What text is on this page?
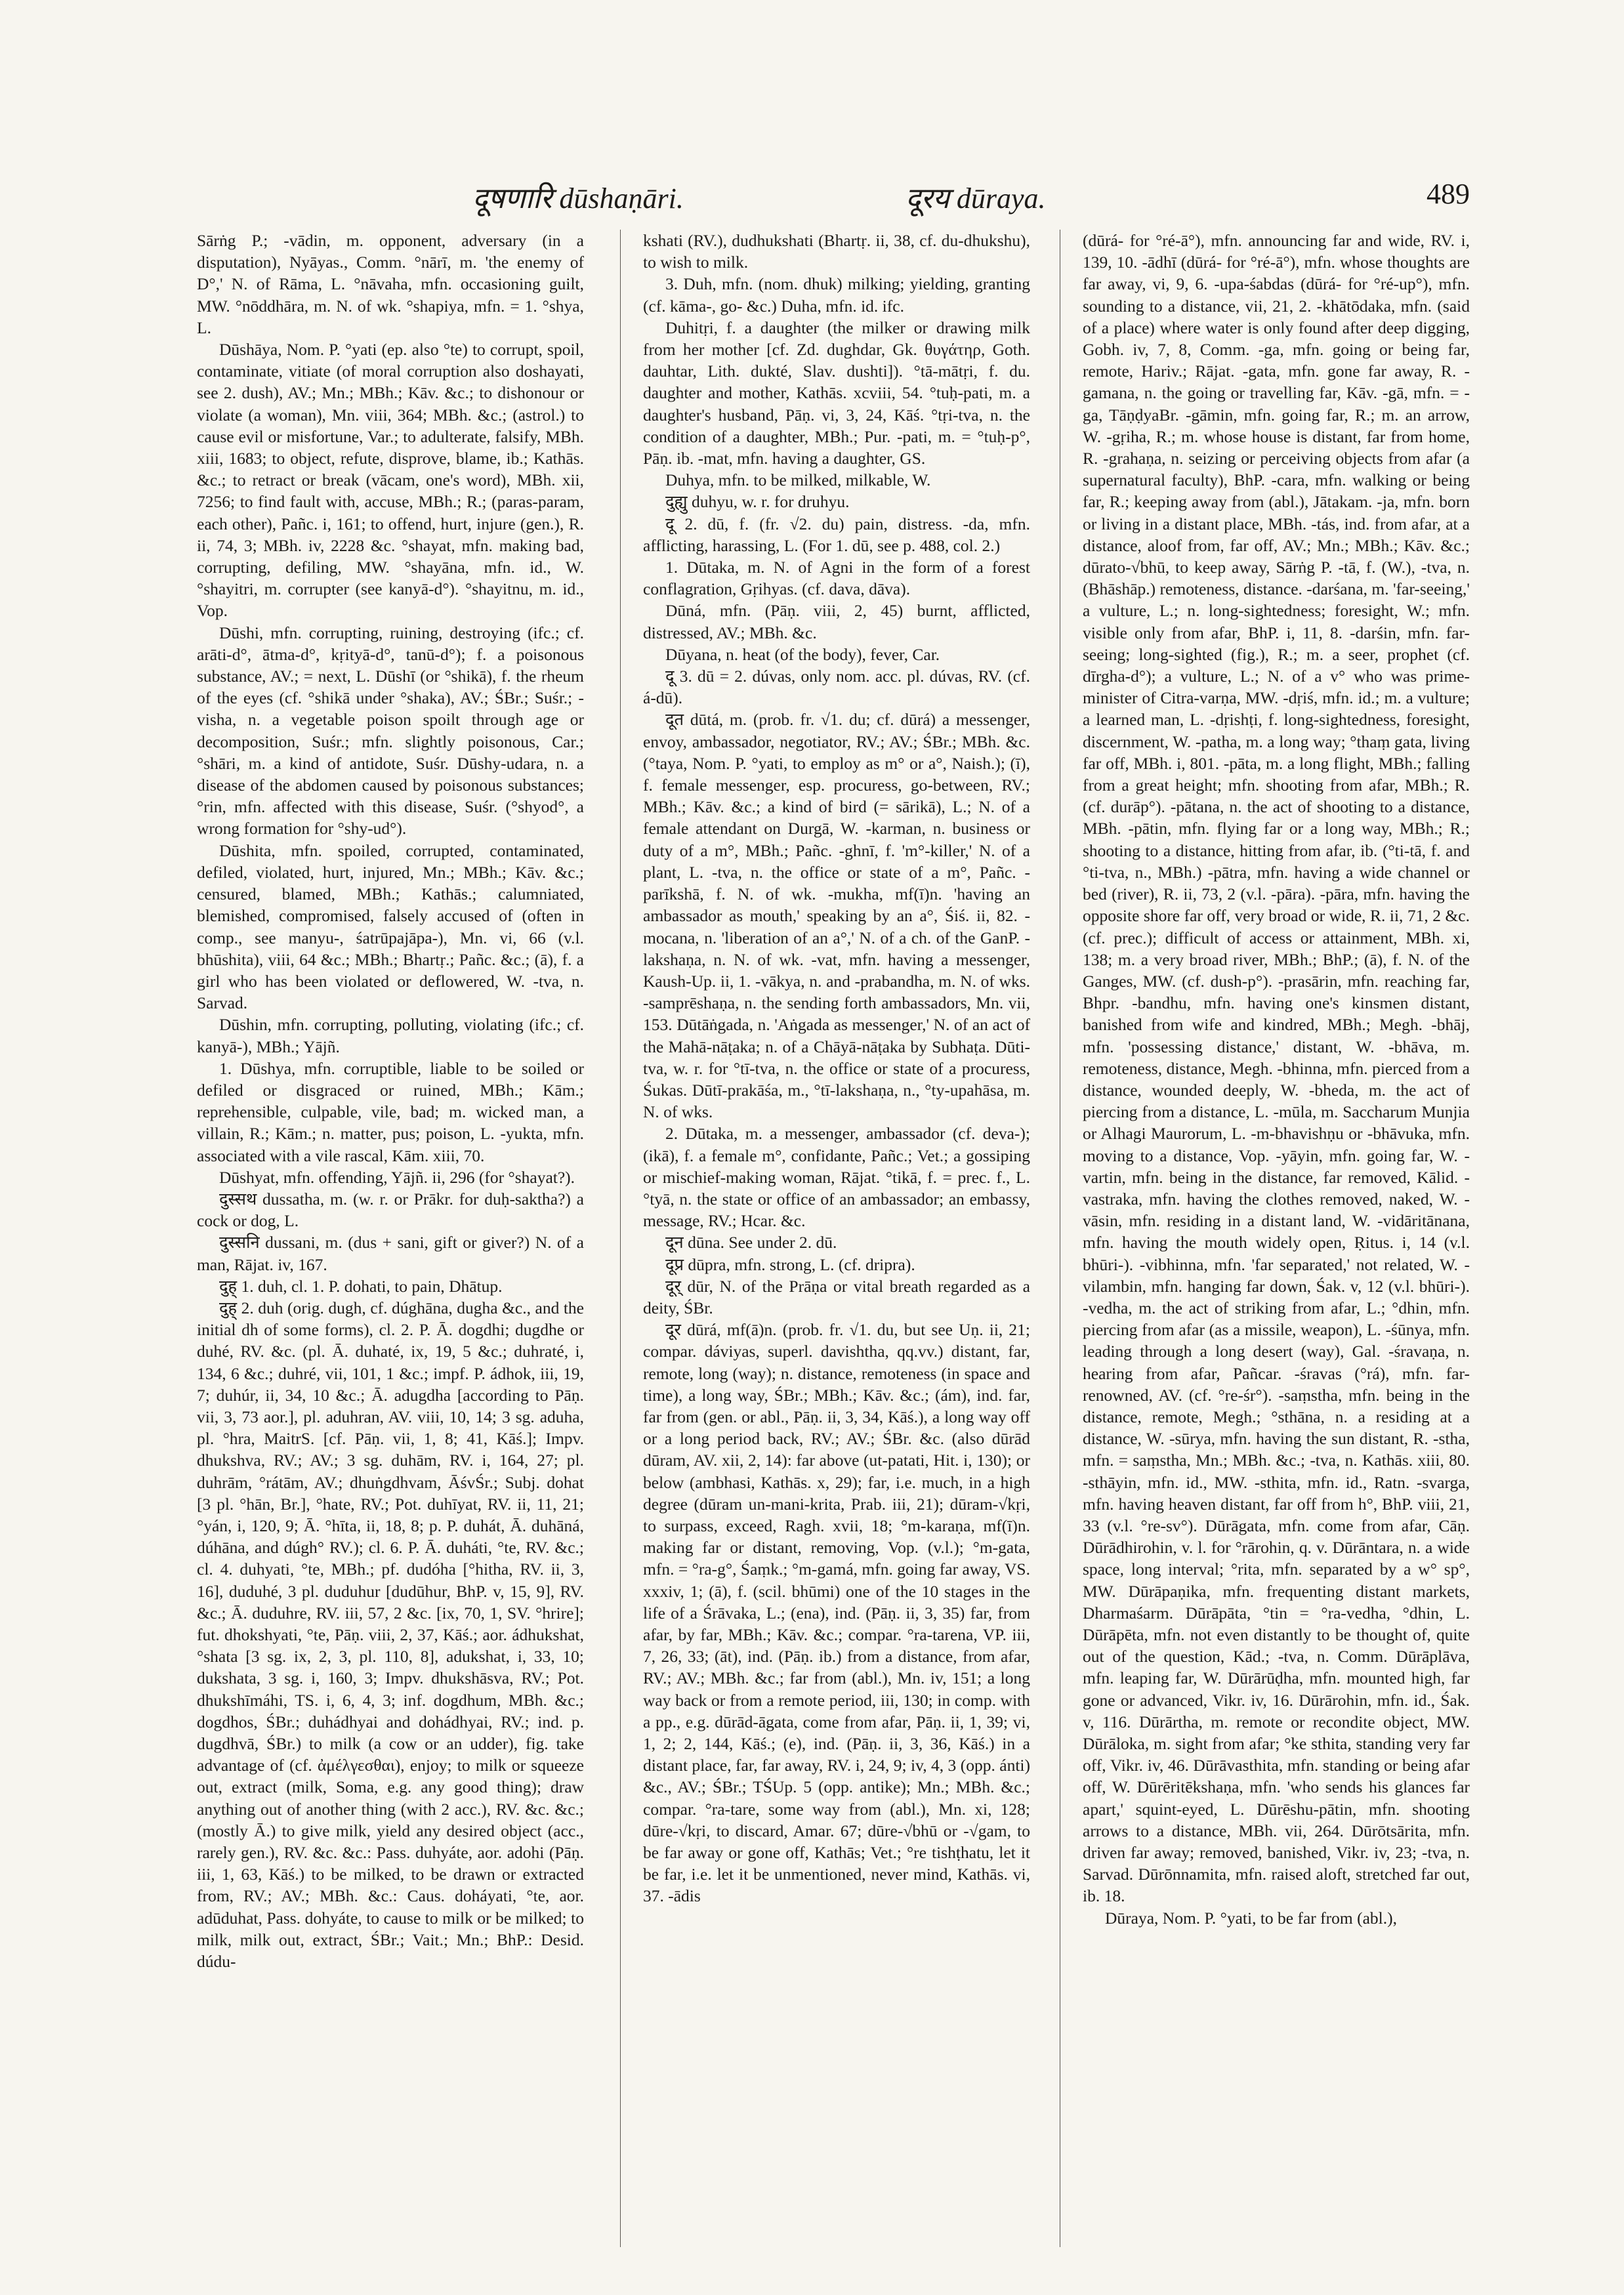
दूषणारि dūshaṇāri.	दूरय dūraya.	489

Sārṅg P.; -vādin, m. opponent, adversary (in a disputation), Nyāyas., Comm. °nārī, m. 'the enemy of D°,' N. of Rāma, L. °nāvaha, mfn. occasioning guilt, MW. °nōddhāra, m. N. of wk. °shapiya, mfn. = 1. °shya, L.

Dūshāya, Nom. P. °yati (ep. also °te) to corrupt, spoil, contaminate, vitiate (of moral corruption also doshayati, see 2. dush), AV.; Mn.; MBh.; Kāv. &c.; to dishonour or violate (a woman), Mn. viii, 364; MBh. &c.; (astrol.) to cause evil or misfortune, Var.; to adulterate, falsify, MBh. xiii, 1683; to object, refute, disprove, blame, ib.; Kathās. &c.; to retract or break (vācam, one's word), MBh. xii, 7256; to find fault with, accuse, MBh.; R.; (paras-param, each other), Pañc. i, 161; to offend, hurt, injure (gen.), R. ii, 74, 3; MBh. iv, 2228 &c. °shayat, mfn. making bad, corrupting, defiling, MW. °shayāna, mfn. id., W. °shayitri, m. corrupter (see kanyā-d°). °shayitnu, m. id., Vop.

Dūshi, mfn. corrupting, ruining, destroying (ifc.; cf. arāti-d°, ātma-d°, kṛityā-d°, tanū-d°); f. a poisonous substance, AV.; = next, L. Dūshī (or °shikā), f. the rheum of the eyes (cf. °shikā under °shaka), AV.; ŚBr.; Suśr.; -visha, n. a vegetable poison spoilt through age or decomposition, Suśr.; mfn. slightly poisonous, Car.; °shāri, m. a kind of antidote, Suśr. Dūshy-udara, n. a disease of the abdomen caused by poisonous substances; °rin, mfn. affected with this disease, Suśr. (°shyod°, a wrong formation for °shy-ud°).

Dūshita, mfn. spoiled, corrupted, contaminated, defiled, violated, hurt, injured, Mn.; MBh.; Kāv. &c.; censured, blamed, MBh.; Kathās.; calumniated, blemished, compromised, falsely accused of (often in comp., see manyu-, śatrūpajāpa-), Mn. vi, 66 (v.l. bhūshita), viii, 64 &c.; MBh.; Bhartṛ.; Pañc. &c.; (ā), f. a girl who has been violated or deflowered, W. -tva, n. Sarvad.

Dūshin, mfn. corrupting, polluting, violating (ifc.; cf. kanyā-), MBh.; Yājñ.

1. Dūshya, mfn. corruptible, liable to be soiled or defiled or disgraced or ruined, MBh.; Kām.; reprehensible, culpable, vile, bad; m. wicked man, a villain, R.; Kām.; n. matter, pus; poison, L. -yukta, mfn. associated with a vile rascal, Kām. xiii, 70.

Dūshyat, mfn. offending, Yājñ. ii, 296 (for °shayat?).

दुस्सथ dussatha, m. (w. r. or Prākr. for duḥ-saktha?) a cock or dog, L.

दुस्सनि dussani, m. (dus + sani, gift or giver?) N. of a man, Rājat. iv, 167.

दुह् 1. duh, cl. 1. P. dohati, to pain, Dhātup.

दुह् 2. duh (orig. dugh, cf. dúghāna, dugha &c., and the initial dh of some forms), cl. 2. P. Ā. dogdhi; dugdhe or duhé, RV. &c. (pl. Ā. duhaté, ix, 19, 5 &c.; duhraté, i, 134, 6 &c.; duhré, vii, 101, 1 &c.; impf. P. ádhok, iii, 19, 7; duhúr, ii, 34, 10 &c.; Ā. adugdha [according to Pāṇ. vii, 3, 73 aor.], pl. aduhran, AV. viii, 10, 14; 3 sg. aduha, pl. °hra, MaitrS. [cf. Pāṇ. vii, 1, 8; 41, Kāś.]; Impv. dhukshva, RV.; AV.; 3 sg. duhām, RV. i, 164, 27; pl. duhrām, °rátām, AV.; dhuṅgdhvam, ĀśvŚr.; Subj. dohat [3 pl. °hān, Br.], °hate, RV.; Pot. duhīyat, RV. ii, 11, 21; °yán, i, 120, 9; Ā. °hīta, ii, 18, 8; p. P. duhát, Ā. duhāná, dúhāna, and dúgh° RV.); cl. 6. P. Ā. duháti, °te, RV. &c.; cl. 4. duhyati, °te, MBh.; pf. dudóha [°hitha, RV. ii, 3, 16], duduhé, 3 pl. duduhur [dudūhur, BhP. v, 15, 9], RV. &c.; Ā. duduhre, RV. iii, 57, 2 &c. [ix, 70, 1, SV. °hrire]; fut. dhokshyati, °te, Pāṇ. viii, 2, 37, Kāś.; aor. ádhukshat, °shata [3 sg. ix, 2, 3, pl. 110, 8], adukshat, i, 33, 10; dukshata, 3 sg. i, 160, 3; Impv. dhukshāsva, RV.; Pot. dhukshīmáhi, TS. i, 6, 4, 3; inf. dogdhum, MBh. &c.; dogdhos, ŚBr.; duhádhyai and dohádhyai, RV.; ind. p. dugdhvā, ŚBr.) to milk (a cow or an udder), fig. take advantage of (cf. ἀμέλγεσθαι), enjoy; to milk or squeeze out, extract (milk, Soma, e.g. any good thing); draw anything out of another thing (with 2 acc.), RV. &c. &c.; (mostly Ā.) to give milk, yield any desired object (acc., rarely gen.), RV. &c. &c.: Pass. duhyáte, aor. adohi (Pāṇ. iii, 1, 63, Kāś.) to be milked, to be drawn or extracted from, RV.; AV.; MBh. &c.: Caus. doháyati, °te, aor. adūduhat, Pass. dohyáte, to cause to milk or be milked; to milk, milk out, extract, ŚBr.; Vait.; Mn.; BhP.: Desid. dúdu-

kshati (RV.), dudhukshati (Bhartṛ. ii, 38, cf. du-dhukshu), to wish to milk.

3. Duh, mfn. (nom. dhuk) milking; yielding, granting (cf. kāma-, go- &c.) Duha, mfn. id. ifc.

Duhitṛi, f. a daughter (the milker or drawing milk from her mother [cf. Zd. dughdar, Gk. θυγάτηρ, Goth. dauhtar, Lith. dukté, Slav. dushti]). °tā-mātṛi, f. du. daughter and mother, Kathās. xcviii, 54. °tuḥ-pati, m. a daughter's husband, Pāṇ. vi, 3, 24, Kāś. °tṛi-tva, n. the condition of a daughter, MBh.; Pur. -pati, m. = °tuḥ-p°, Pāṇ. ib. -mat, mfn. having a daughter, GS.

Duhya, mfn. to be milked, milkable, W.

दुह्यु duhyu, w. r. for druhyu.

दू 2. dū, f. (fr. √2. du) pain, distress. -da, mfn. afflicting, harassing, L. (For 1. dū, see p. 488, col. 2.)

1. Dūtaka, m. N. of Agni in the form of a forest conflagration, Gṛihyas. (cf. dava, dāva).

Dūná, mfn. (Pāṇ. viii, 2, 45) burnt, afflicted, distressed, AV.; MBh. &c.

Dūyana, n. heat (of the body), fever, Car.

दू 3. dū = 2. dúvas, only nom. acc. pl. dúvas, RV. (cf. á-dū).

दूत dūtá, m. (prob. fr. √1. du; cf. dūrá) a messenger, envoy, ambassador, negotiator, RV.; AV.; ŚBr.; MBh. &c. (°taya, Nom. P. °yati, to employ as m° or a°, Naish.); (ī), f. female messenger, esp. procuress, go-between, RV.; MBh.; Kāv. &c.; a kind of bird (= sārikā), L.; N. of a female attendant on Durgā, W. -karman, n. business or duty of a m°, MBh.; Pañc. -ghnī, f. 'm°-killer,' N. of a plant, L. -tva, n. the office or state of a m°, Pañc. -parīkshā, f. N. of wk. -mukha, mf(ī)n. 'having an ambassador as mouth,' speaking by an a°, Śiś. ii, 82. -mocana, n. 'liberation of an a°,' N. of a ch. of the GanP. -lakshaṇa, n. N. of wk. -vat, mfn. having a messenger, Kaush-Up. ii, 1. -vākya, n. and -prabandha, m. N. of wks. -samprēshaṇa, n. the sending forth ambassadors, Mn. vii, 153. Dūtāṅgada, n. 'Aṅgada as messenger,' N. of an act of the Mahā-nāṭaka; n. of a Chāyā-nāṭaka by Subhaṭa. Dūti-tva, w. r. for °tī-tva, n. the office or state of a procuress, Śukas. Dūtī-prakāśa, m., °tī-lakshaṇa, n., °ty-upahāsa, m. N. of wks.

2. Dūtaka, m. a messenger, ambassador (cf. deva-); (ikā), f. a female m°, confidante, Pañc.; Vet.; a gossiping or mischief-making woman, Rājat. °tikā, f. = prec. f., L. °tyā, n. the state or office of an ambassador; an embassy, message, RV.; Hcar. &c.

दून dūna. See under 2. dū.

दूप्र dūpra, mfn. strong, L. (cf. dripra).

दूर् dūr, N. of the Prāṇa or vital breath regarded as a deity, ŚBr.

दूर dūrá, mf(ā)n. (prob. fr. √1. du, but see Uṇ. ii, 21; compar. dáviyas, superl. davishtha, qq.vv.) distant, far, remote, long (way); n. distance, remoteness (in space and time), a long way, ŚBr.; MBh.; Kāv. &c.; (ám), ind. far, far from (gen. or abl., Pāṇ. ii, 3, 34, Kāś.), a long way off or a long period back, RV.; AV.; ŚBr. &c. (also dūrād dūram, AV. xii, 2, 14): far above (ut-patati, Hit. i, 130); or below (ambhasi, Kathās. x, 29); far, i.e. much, in a high degree (dūram un-mani-krita, Prab. iii, 21); dūram-√kṛi, to surpass, exceed, Ragh. xvii, 18; °m-karaṇa, mf(ī)n. making far or distant, removing, Vop. (v.l.); °m-gata, mfn. = °ra-g°, Śaṃk.; °m-gamá, mfn. going far away, VS. xxxiv, 1; (ā), f. (scil. bhūmi) one of the 10 stages in the life of a Śrāvaka, L.; (ena), ind. (Pāṇ. ii, 3, 35) far, from afar, by far, MBh.; Kāv. &c.; compar. °ra-tarena, VP. iii, 7, 26, 33; (āt), ind. (Pāṇ. ib.) from a distance, from afar, RV.; AV.; MBh. &c.; far from (abl.), Mn. iv, 151; a long way back or from a remote period, iii, 130; in comp. with a pp., e.g. dūrād-āgata, come from afar, Pāṇ. ii, 1, 39; vi, 1, 2; 2, 144, Kāś.; (e), ind. (Pāṇ. ii, 3, 36, Kāś.) in a distant place, far, far away, RV. i, 24, 9; iv, 4, 3 (opp. ánti) &c., AV.; ŚBr.; TŚUp. 5 (opp. antike); Mn.; MBh. &c.; compar. °ra-tare, some way from (abl.), Mn. xi, 128; dūre-√kṛi, to discard, Amar. 67; dūre-√bhū or -√gam, to be far away or gone off, Kathās; Vet.; °re tishṭhatu, let it be far, i.e. let it be unmentioned, never mind, Kathās. vi, 37. -ādis

(dūrá- for °ré-ā°), mfn. announcing far and wide, RV. i, 139, 10. -ādhī (dūrá- for °ré-ā°), mfn. whose thoughts are far away, vi, 9, 6. -upa-śabdas (dūrá- for °ré-up°), mfn. sounding to a distance, vii, 21, 2. -khātōdaka, mfn. (said of a place) where water is only found after deep digging, Gobh. iv, 7, 8, Comm. -ga, mfn. going or being far, remote, Hariv.; Rājat. -gata, mfn. gone far away, R. -gamana, n. the going or travelling far, Kāv. -gā, mfn. = -ga, TāṇḍyaBr. -gāmin, mfn. going far, R.; m. an arrow, W. -gṛiha, R.; m. whose house is distant, far from home, R. -grahaṇa, n. seizing or perceiving objects from afar (a supernatural faculty), BhP. -cara, mfn. walking or being far, R.; keeping away from (abl.), Jātakam. -ja, mfn. born or living in a distant place, MBh. -tás, ind. from afar, at a distance, aloof from, far off, AV.; Mn.; MBh.; Kāv. &c.; dūrato-√bhū, to keep away, Sārṅg P. -tā, f. (W.), -tva, n. (Bhāshāp.) remoteness, distance. -darśana, m. 'far-seeing,' a vulture, L.; n. long-sightedness; foresight, W.; mfn. visible only from afar, BhP. i, 11, 8. -darśin, mfn. far-seeing; long-sighted (fig.), R.; m. a seer, prophet (cf. dīrgha-d°); a vulture, L.; N. of a v° who was prime-minister of Citra-varṇa, MW. -dṛiś, mfn. id.; m. a vulture; a learned man, L. -dṛishṭi, f. long-sightedness, foresight, discernment, W. -patha, m. a long way; °thaṃ gata, living far off, MBh. i, 801. -pāta, m. a long flight, MBh.; falling from a great height; mfn. shooting from afar, MBh.; R. (cf. durāp°). -pātana, n. the act of shooting to a distance, MBh. -pātin, mfn. flying far or a long way, MBh.; R.; shooting to a distance, hitting from afar, ib. (°ti-tā, f. and °ti-tva, n., MBh.) -pātra, mfn. having a wide channel or bed (river), R. ii, 73, 2 (v.l. -pāra). -pāra, mfn. having the opposite shore far off, very broad or wide, R. ii, 71, 2 &c. (cf. prec.); difficult of access or attainment, MBh. xi, 138; m. a very broad river, MBh.; BhP.; (ā), f. N. of the Ganges, MW. (cf. dush-p°). -prasārin, mfn. reaching far, Bhpr. -bandhu, mfn. having one's kinsmen distant, banished from wife and kindred, MBh.; Megh. -bhāj, mfn. 'possessing distance,' distant, W. -bhāva, m. remoteness, distance, Megh. -bhinna, mfn. pierced from a distance, wounded deeply, W. -bheda, m. the act of piercing from a distance, L. -mūla, m. Saccharum Munjia or Alhagi Maurorum, L. -m-bhavishṇu or -bhāvuka, mfn. moving to a distance, Vop. -yāyin, mfn. going far, W. -vartin, mfn. being in the distance, far removed, Kālid. -vastraka, mfn. having the clothes removed, naked, W. -vāsin, mfn. residing in a distant land, W. -vidāritānana, mfn. having the mouth widely open, Ṛitus. i, 14 (v.l. bhūri-). -vibhinna, mfn. 'far separated,' not related, W. -vilambin, mfn. hanging far down, Śak. v, 12 (v.l. bhūri-). -vedha, m. the act of striking from afar, L.; °dhin, mfn. piercing from afar (as a missile, weapon), L. -śūnya, mfn. leading through a long desert (way), Gal. -śravaṇa, n. hearing from afar, Pañcar. -śravas (°rá), mfn. far-renowned, AV. (cf. °re-śr°). -saṃstha, mfn. being in the distance, remote, Megh.; °sthāna, n. a residing at a distance, W. -sūrya, mfn. having the sun distant, R. -stha, mfn. = saṃstha, Mn.; MBh. &c.; -tva, n. Kathās. xiii, 80. -sthāyin, mfn. id., MW. -sthita, mfn. id., Ratn. -svarga, mfn. having heaven distant, far off from h°, BhP. viii, 21, 33 (v.l. °re-sv°). Dūrāgata, mfn. come from afar, Cāṇ. Dūrādhirohin, v. l. for °rārohin, q. v. Dūrāntara, n. a wide space, long interval; °rita, mfn. separated by a w° sp°, MW. Dūrāpaṇika, mfn. frequenting distant markets, Dharmaśarm. Dūrāpāta, °tin = °ra-vedha, °dhin, L. Dūrāpēta, mfn. not even distantly to be thought of, quite out of the question, Kād.; -tva, n. Comm. Dūrāplāva, mfn. leaping far, W. Dūrārūḍha, mfn. mounted high, far gone or advanced, Vikr. iv, 16. Dūrārohin, mfn. id., Śak. v, 116. Dūrārtha, m. remote or recondite object, MW. Dūrāloka, m. sight from afar; °ke sthita, standing very far off, Vikr. iv, 46. Dūrāvasthita, mfn. standing or being afar off, W. Dūrēritēkshaṇa, mfn. 'who sends his glances far apart,' squint-eyed, L. Dūrēshu-pātin, mfn. shooting arrows to a distance, MBh. vii, 264. Dūrōtsārita, mfn. driven far away; removed, banished, Vikr. iv, 23; -tva, n. Sarvad. Dūrōnnamita, mfn. raised aloft, stretched far out, ib. 18.

Dūraya, Nom. P. °yati, to be far from (abl.),
